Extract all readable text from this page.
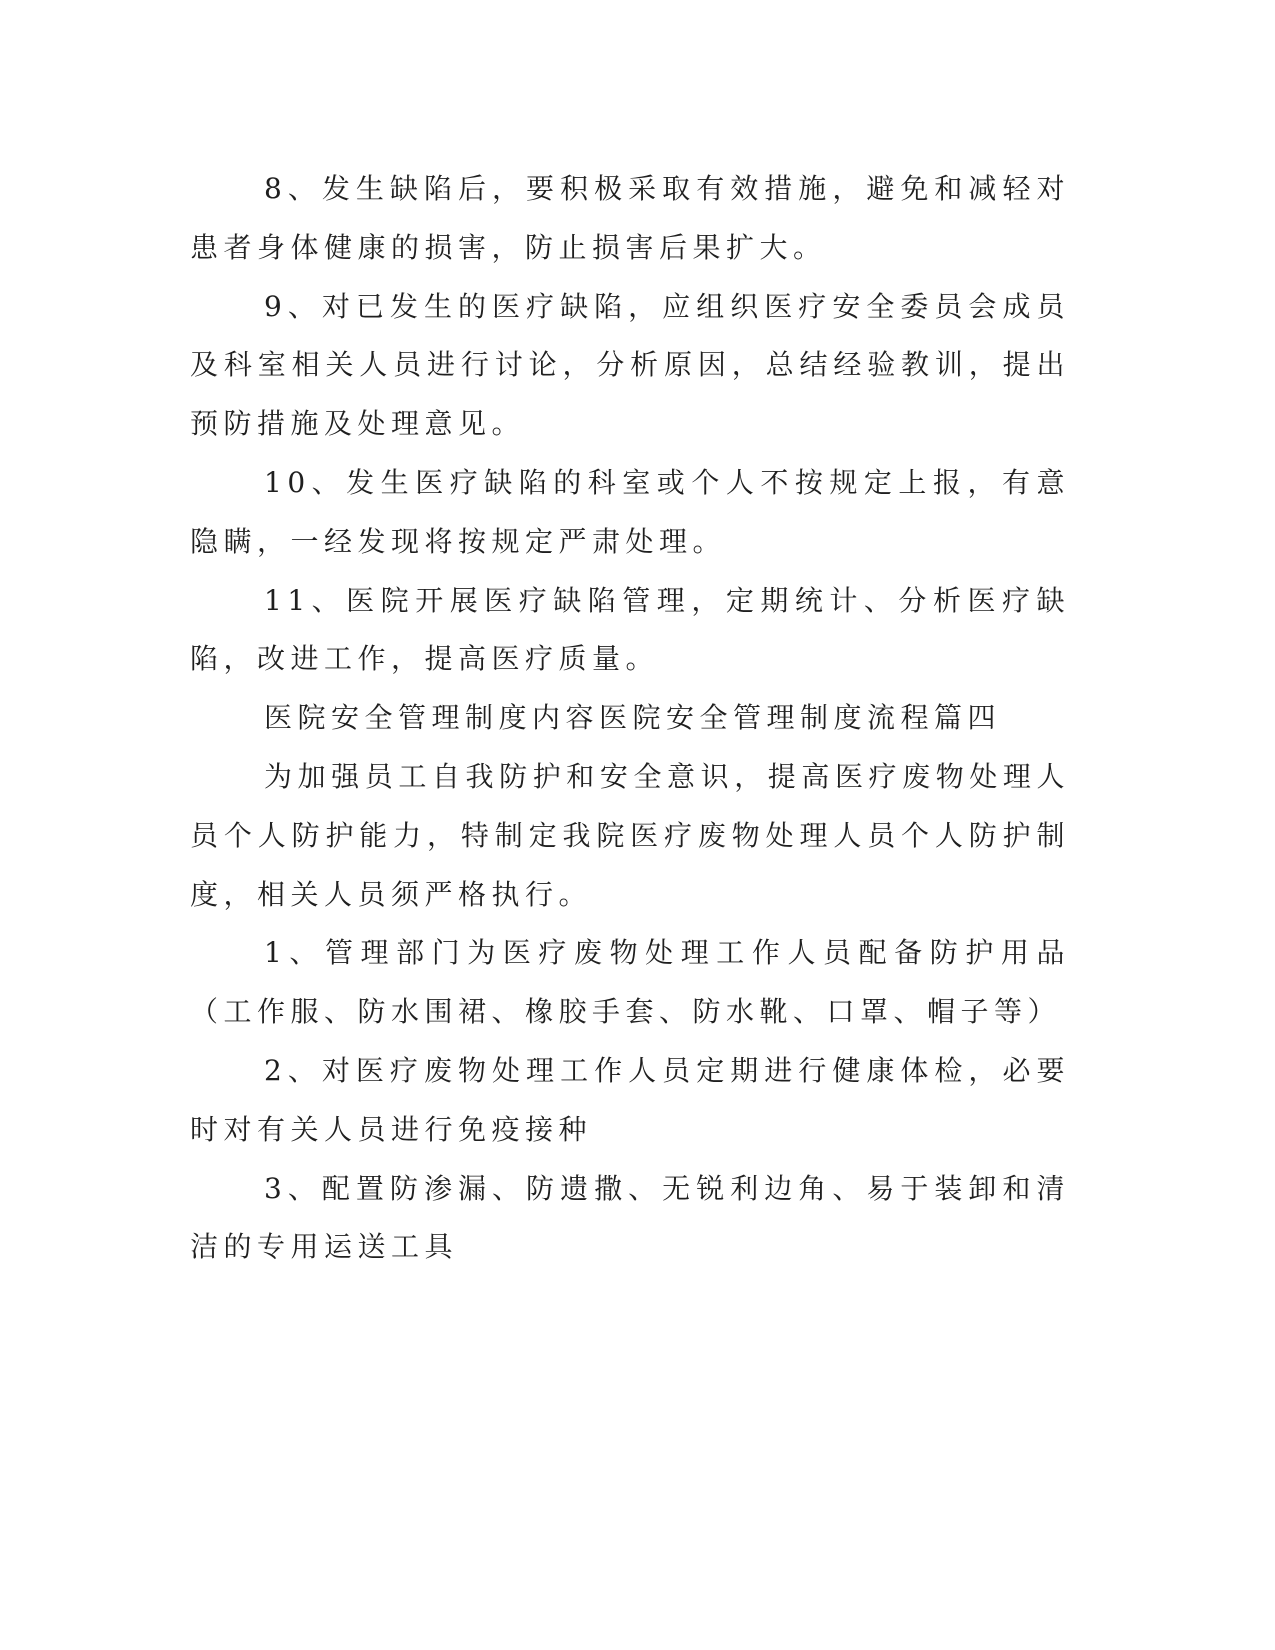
8、发生缺陷后，要积极采取有效措施，避免和减轻对患者身体健康的损害，防止损害后果扩大。

9、对已发生的医疗缺陷，应组织医疗安全委员会成员及科室相关人员进行讨论，分析原因，总结经验教训，提出预防措施及处理意见。

10、发生医疗缺陷的科室或个人不按规定上报，有意隐瞒，一经发现将按规定严肃处理。

11、医院开展医疗缺陷管理，定期统计、分析医疗缺陷，改进工作，提高医疗质量。

医院安全管理制度内容医院安全管理制度流程篇四

为加强员工自我防护和安全意识，提高医疗废物处理人员个人防护能力，特制定我院医疗废物处理人员个人防护制度，相关人员须严格执行。

1、管理部门为医疗废物处理工作人员配备防护用品（工作服、防水围裙、橡胶手套、防水靴、口罩、帽子等）

2、对医疗废物处理工作人员定期进行健康体检，必要时对有关人员进行免疫接种

3、配置防渗漏、防遗撒、无锐利边角、易于装卸和清洁的专用运送工具
